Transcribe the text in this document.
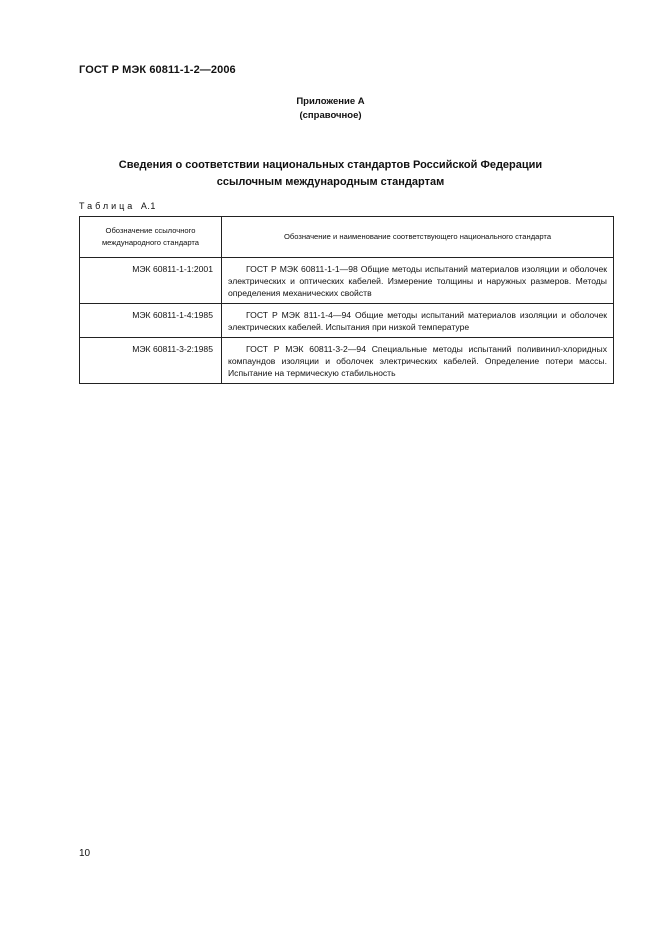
ГОСТ Р МЭК 60811-1-2—2006
Приложение А
(справочное)
Сведения о соответствии национальных стандартов Российской Федерации
ссылочным международным стандартам
Таблица А.1
Обозначение ссылочного международного стандарта	Обозначение и наименование соответствующего национального стандарта
МЭК 60811-1-1:2001	ГОСТ Р МЭК 60811-1-1—98 Общие методы испытаний материалов изоляции и оболочек электрических и оптических кабелей. Измерение толщины и наружных размеров. Методы определения механических свойств

МЭК 60811-1-4:1985	ГОСТ Р МЭК 811-1-4—94 Общие методы испытаний материалов изоляции и оболочек электрических кабелей. Испытания при низкой температуре

МЭК 60811-3-2:1985	ГОСТ Р МЭК 60811-3-2—94 Специальные методы испытаний поливинил-хлоридных компаундов изоляции и оболочек электрических кабелей. Определение потери массы. Испытание на термическую стабильность
10
